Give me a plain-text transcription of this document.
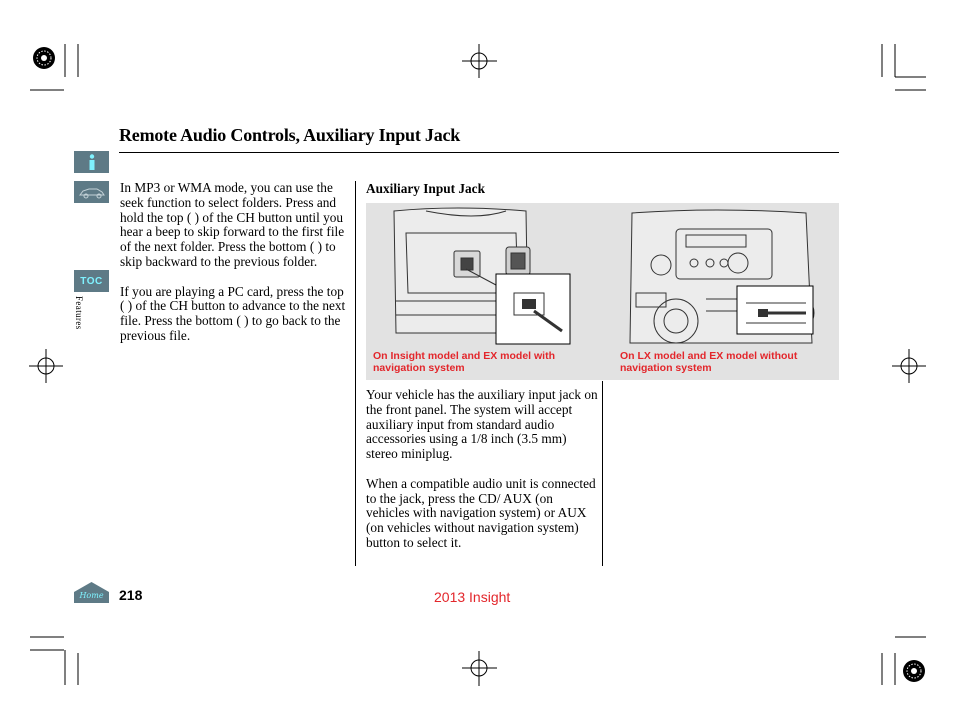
Remote Audio Controls, Auxiliary Input Jack
TOC
Features

In MP3 or WMA mode, you can use the seek function to select folders. Press and hold the top ( ) of the CH button until you hear a beep to skip forward to the first file of the next folder. Press the bottom ( ) to skip backward to the previous folder.

If you are playing a PC card, press the top ( ) of the CH button to advance to the next file. Press the bottom ( ) to go back to the previous file.

Auxiliary Input Jack
On Insight model and EX model with navigation system
On LX model and EX model without navigation system

Your vehicle has the auxiliary input jack on the front panel. The system will accept auxiliary input from standard audio accessories using a 1/8 inch (3.5 mm) stereo miniplug.

When a compatible audio unit is connected to the jack, press the CD/ AUX (on vehicles with navigation system) or AUX (on vehicles without navigation system) button to select it.

Home 218	2013 Insight
